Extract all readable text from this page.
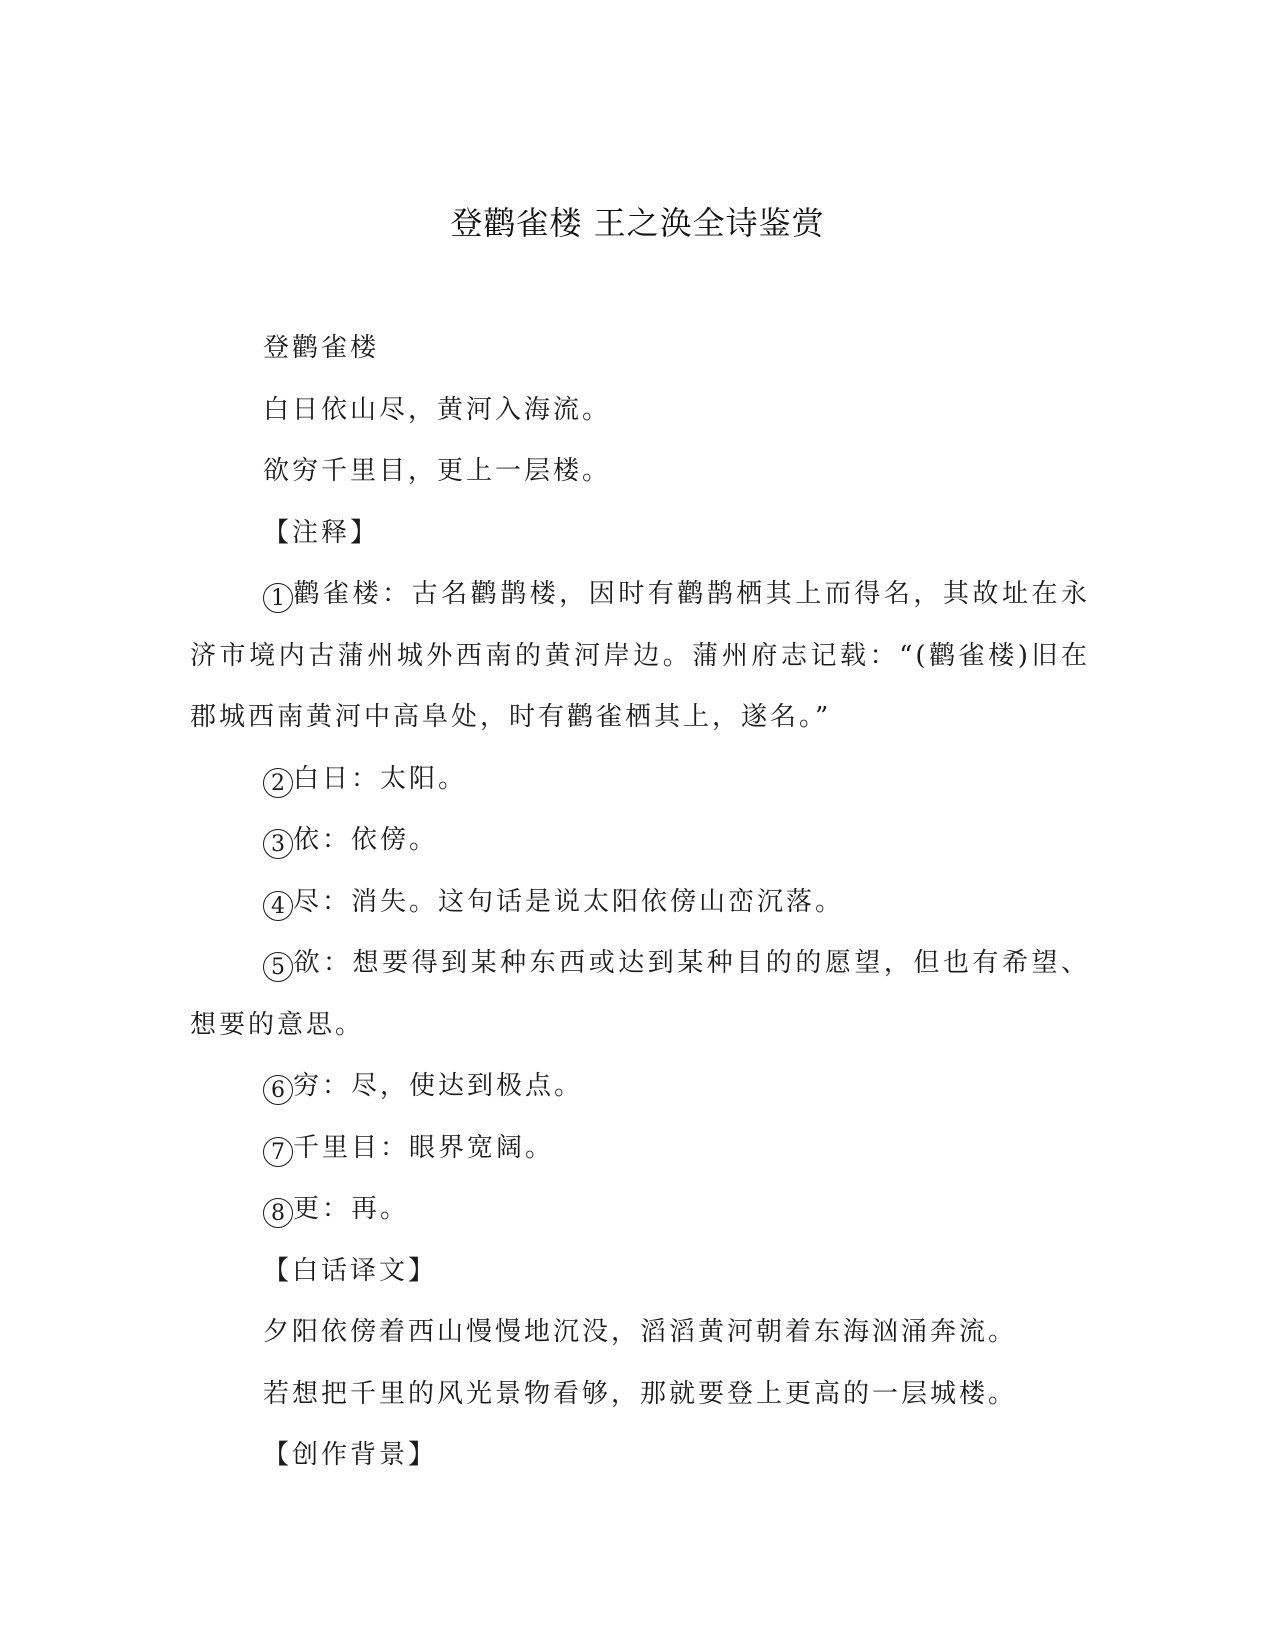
登鹳雀楼 王之涣全诗鉴赏

登鹳雀楼

白日依山尽，黄河入海流。

欲穷千里目，更上一层楼。

【注释】

1 鹳雀楼：古名鹳鹊楼，因时有鹳鹊栖其上而得名，其故址在永济市境内古蒲州城外西南的黄河岸边。蒲州府志记载：“(鹳雀楼)旧在郡城西南黄河中高阜处，时有鹳雀栖其上，遂名。”

2 白日：太阳。

3 依：依傍。

4 尽：消失。这句话是说太阳依傍山峦沉落。

5 欲：想要得到某种东西或达到某种目的的愿望，但也有希望、想要的意思。

6 穷：尽，使达到极点。

7 千里目：眼界宽阔。

8 更：再。

【白话译文】

夕阳依傍着西山慢慢地沉没，滔滔黄河朝着东海汹涌奔流。

若想把千里的风光景物看够，那就要登上更高的一层城楼。

【创作背景】
